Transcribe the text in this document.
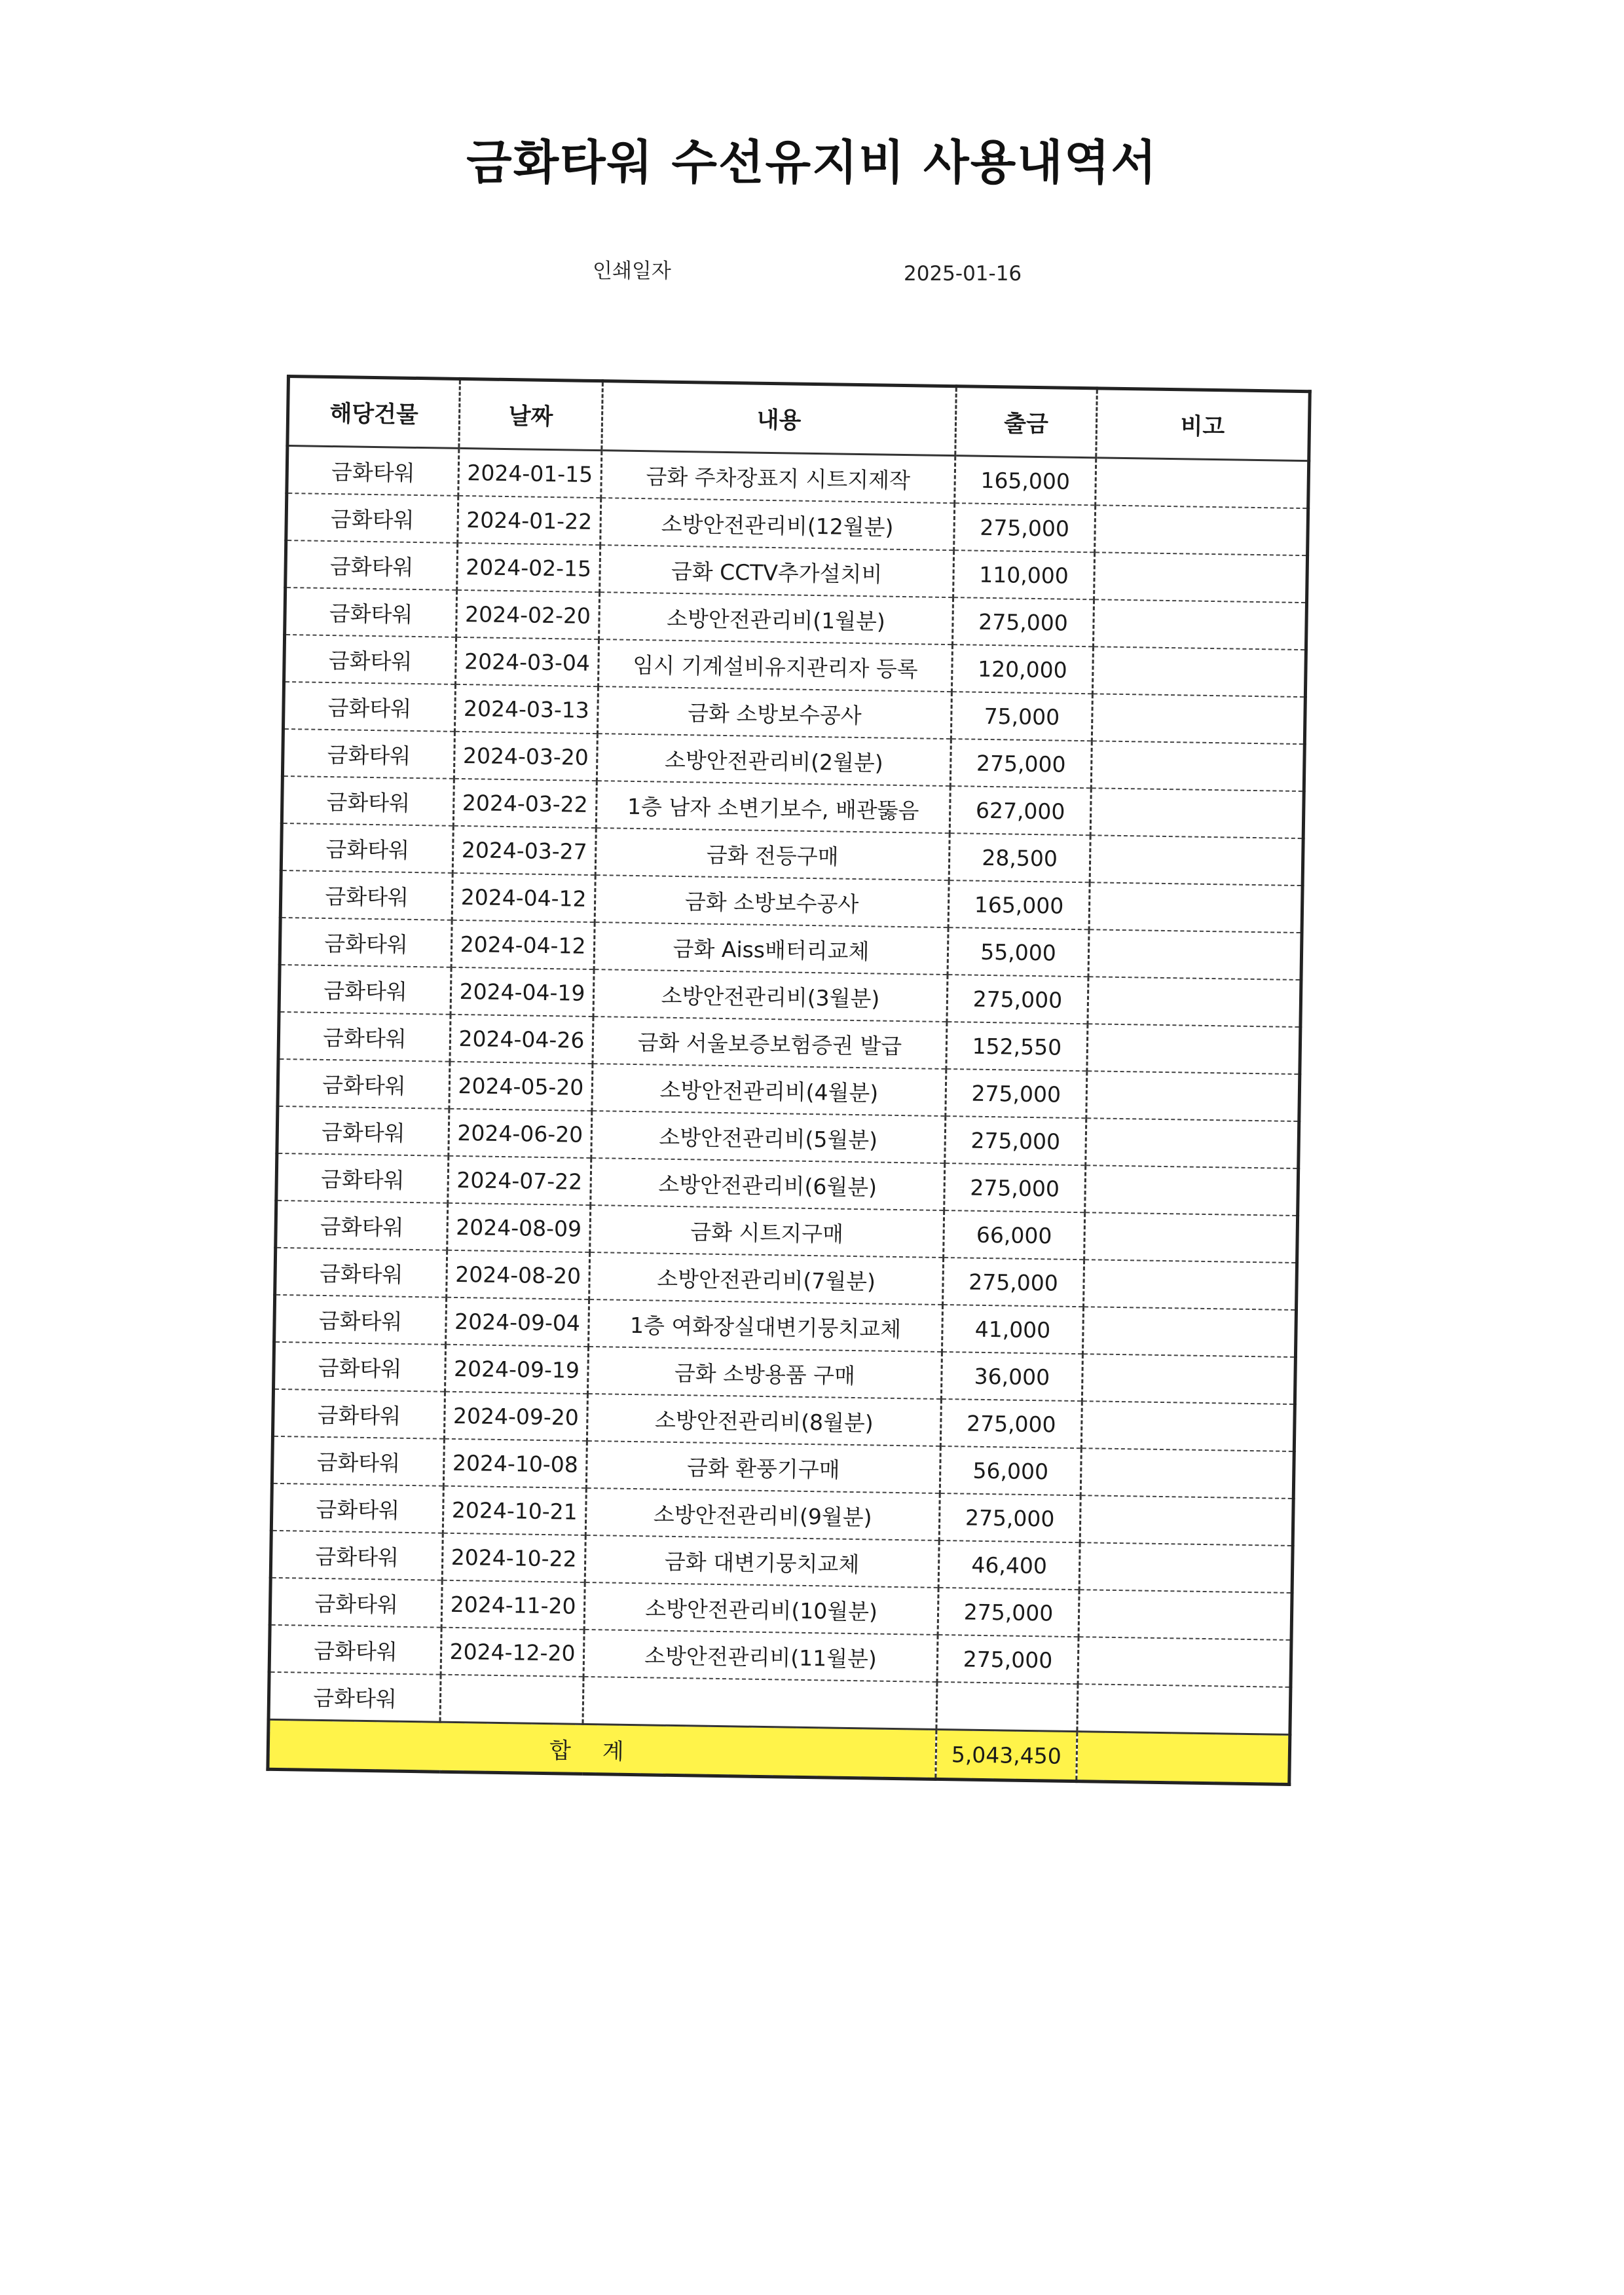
금화타워 수선유지비 사용내역서
인쇄일자	2025-01-16
해당건물	날짜	내용	출금	비고
금화타워	2024-01-15	금화 주차장표지 시트지제작	165,000	
금화타워	2024-01-22	소방안전관리비(12월분)	275,000	
금화타워	2024-02-15	금화 CCTV추가설치비	110,000	
금화타워	2024-02-20	소방안전관리비(1월분)	275,000	
금화타워	2024-03-04	임시 기계설비유지관리자 등록	120,000	
금화타워	2024-03-13	금화 소방보수공사	75,000	
금화타워	2024-03-20	소방안전관리비(2월분)	275,000	
금화타워	2024-03-22	1층 남자 소변기보수, 배관뚫음	627,000	
금화타워	2024-03-27	금화 전등구매	28,500	
금화타워	2024-04-12	금화 소방보수공사	165,000	
금화타워	2024-04-12	금화 Aiss배터리교체	55,000	
금화타워	2024-04-19	소방안전관리비(3월분)	275,000	
금화타워	2024-04-26	금화 서울보증보험증권 발급	152,550	
금화타워	2024-05-20	소방안전관리비(4월분)	275,000	
금화타워	2024-06-20	소방안전관리비(5월분)	275,000	
금화타워	2024-07-22	소방안전관리비(6월분)	275,000	
금화타워	2024-08-09	금화 시트지구매	66,000	
금화타워	2024-08-20	소방안전관리비(7월분)	275,000	
금화타워	2024-09-04	1층 여화장실대변기뭉치교체	41,000	
금화타워	2024-09-19	금화 소방용품 구매	36,000	
금화타워	2024-09-20	소방안전관리비(8월분)	275,000	
금화타워	2024-10-08	금화 환풍기구매	56,000	
금화타워	2024-10-21	소방안전관리비(9월분)	275,000	
금화타워	2024-10-22	금화 대변기뭉치교체	46,400	
금화타워	2024-11-20	소방안전관리비(10월분)	275,000	
금화타워	2024-12-20	소방안전관리비(11월분)	275,000	
금화타워				
합계			5,043,450	
